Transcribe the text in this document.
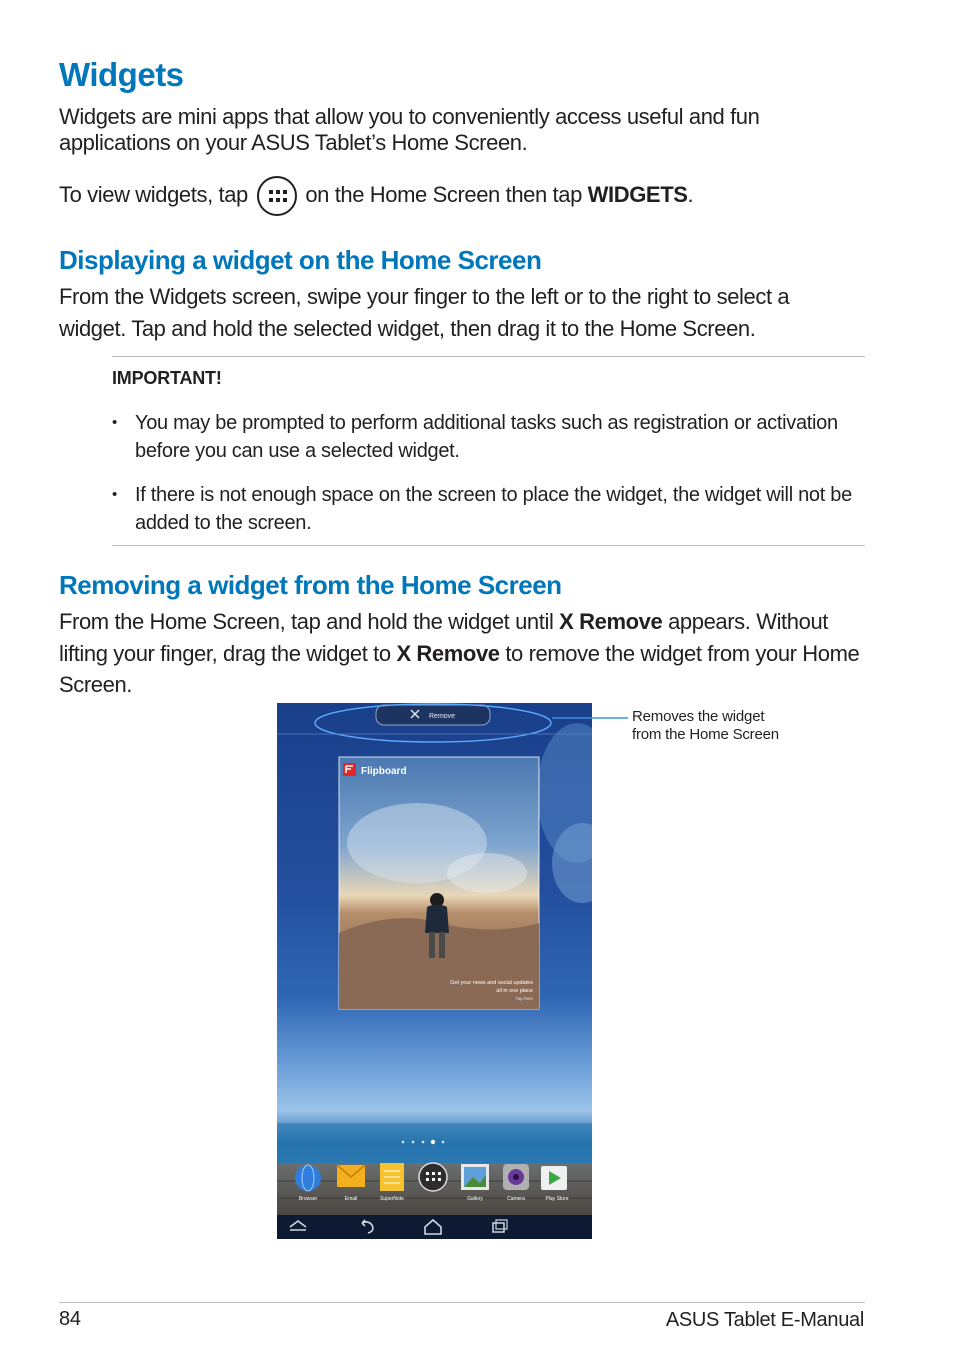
Widgets
Widgets are mini apps that allow you to conveniently access useful and fun applications on your ASUS Tablet’s Home Screen.
To view widgets, tap	on the Home Screen then tap WIDGETS.
Displaying a widget on the Home Screen
From the Widgets screen, swipe your finger to the left or to the right to select a widget. Tap and hold the selected widget, then drag it to the Home Screen.
IMPORTANT!
• You may be prompted to perform additional tasks such as registration or activation before you can use a selected widget.
• If there is not enough space on the screen to place the widget, the widget will not be added to the screen.
Removing a widget from the Home Screen
From the Home Screen, tap and hold the widget until X Remove appears. Without lifting your finger, drag the widget to X Remove to remove the widget from your Home Screen.
Browser	Email	SuperNote	Gallery	Camera	Play Store
Remove
Flipboard
Get your news and social updates
all in one place
Tap here
Removes the widget
from the Home Screen
84	ASUS Tablet E-Manual
